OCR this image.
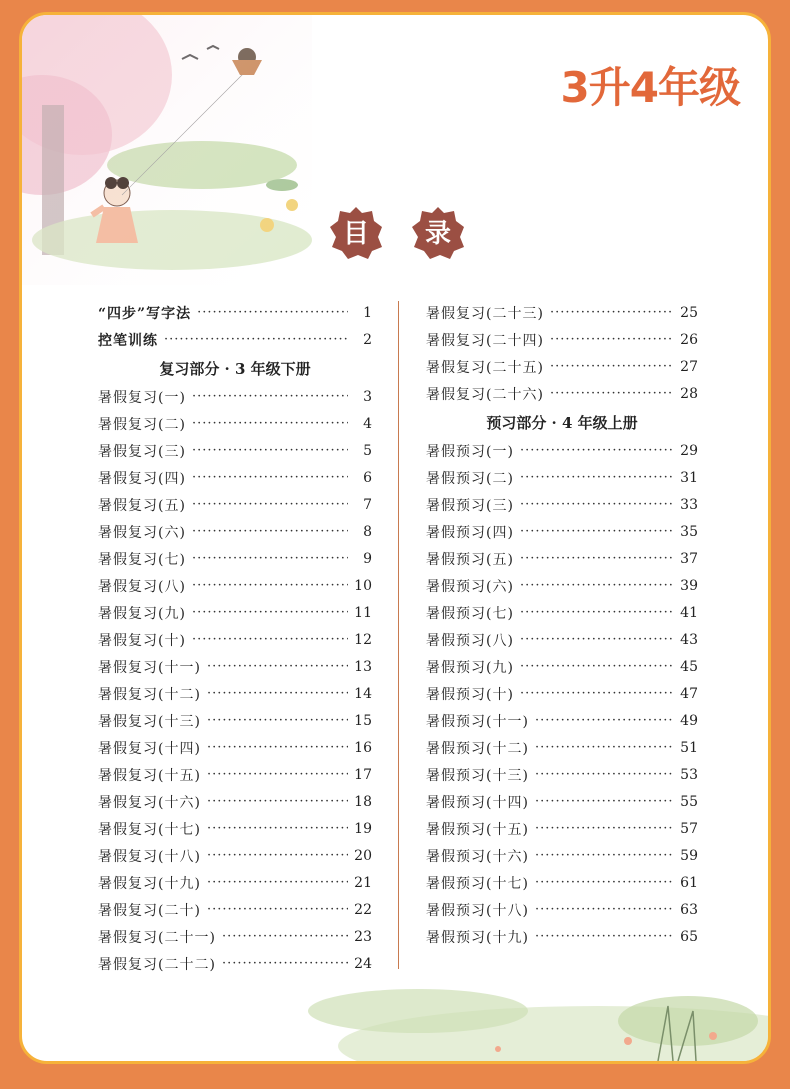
3升4年级
目 录
“四步”写字法 ·····	1
控笔训练 ·····	2
复习部分 · 3 年级下册
暑假复习(一) ·····	3
暑假复习(二) ·····	4
暑假复习(三) ·····	5
暑假复习(四) ·····	6
暑假复习(五) ·····	7
暑假复习(六) ·····	8
暑假复习(七) ·····	9
暑假复习(八) ·····	10
暑假复习(九) ·····	11
暑假复习(十) ·····	12
暑假复习(十一) ·····	13
暑假复习(十二) ·····	14
暑假复习(十三) ·····	15
暑假复习(十四) ·····	16
暑假复习(十五) ·····	17
暑假复习(十六) ·····	18
暑假复习(十七) ·····	19
暑假复习(十八) ·····	20
暑假复习(十九) ·····	21
暑假复习(二十) ·····	22
暑假复习(二十一) ·····	23
暑假复习(二十二) ·····	24
暑假复习(二十三) ·····	25
暑假复习(二十四) ·····	26
暑假复习(二十五) ·····	27
暑假复习(二十六) ·····	28
预习部分 · 4 年级上册
暑假预习(一) ·····	29
暑假预习(二) ·····	31
暑假预习(三) ·····	33
暑假预习(四) ·····	35
暑假预习(五) ·····	37
暑假预习(六) ·····	39
暑假预习(七) ·····	41
暑假预习(八) ·····	43
暑假预习(九) ·····	45
暑假预习(十) ·····	47
暑假预习(十一) ·····	49
暑假预习(十二) ·····	51
暑假预习(十三) ·····	53
暑假预习(十四) ·····	55
暑假预习(十五) ·····	57
暑假预习(十六) ·····	59
暑假预习(十七) ·····	61
暑假预习(十八) ·····	63
暑假预习(十九) ·····	65
